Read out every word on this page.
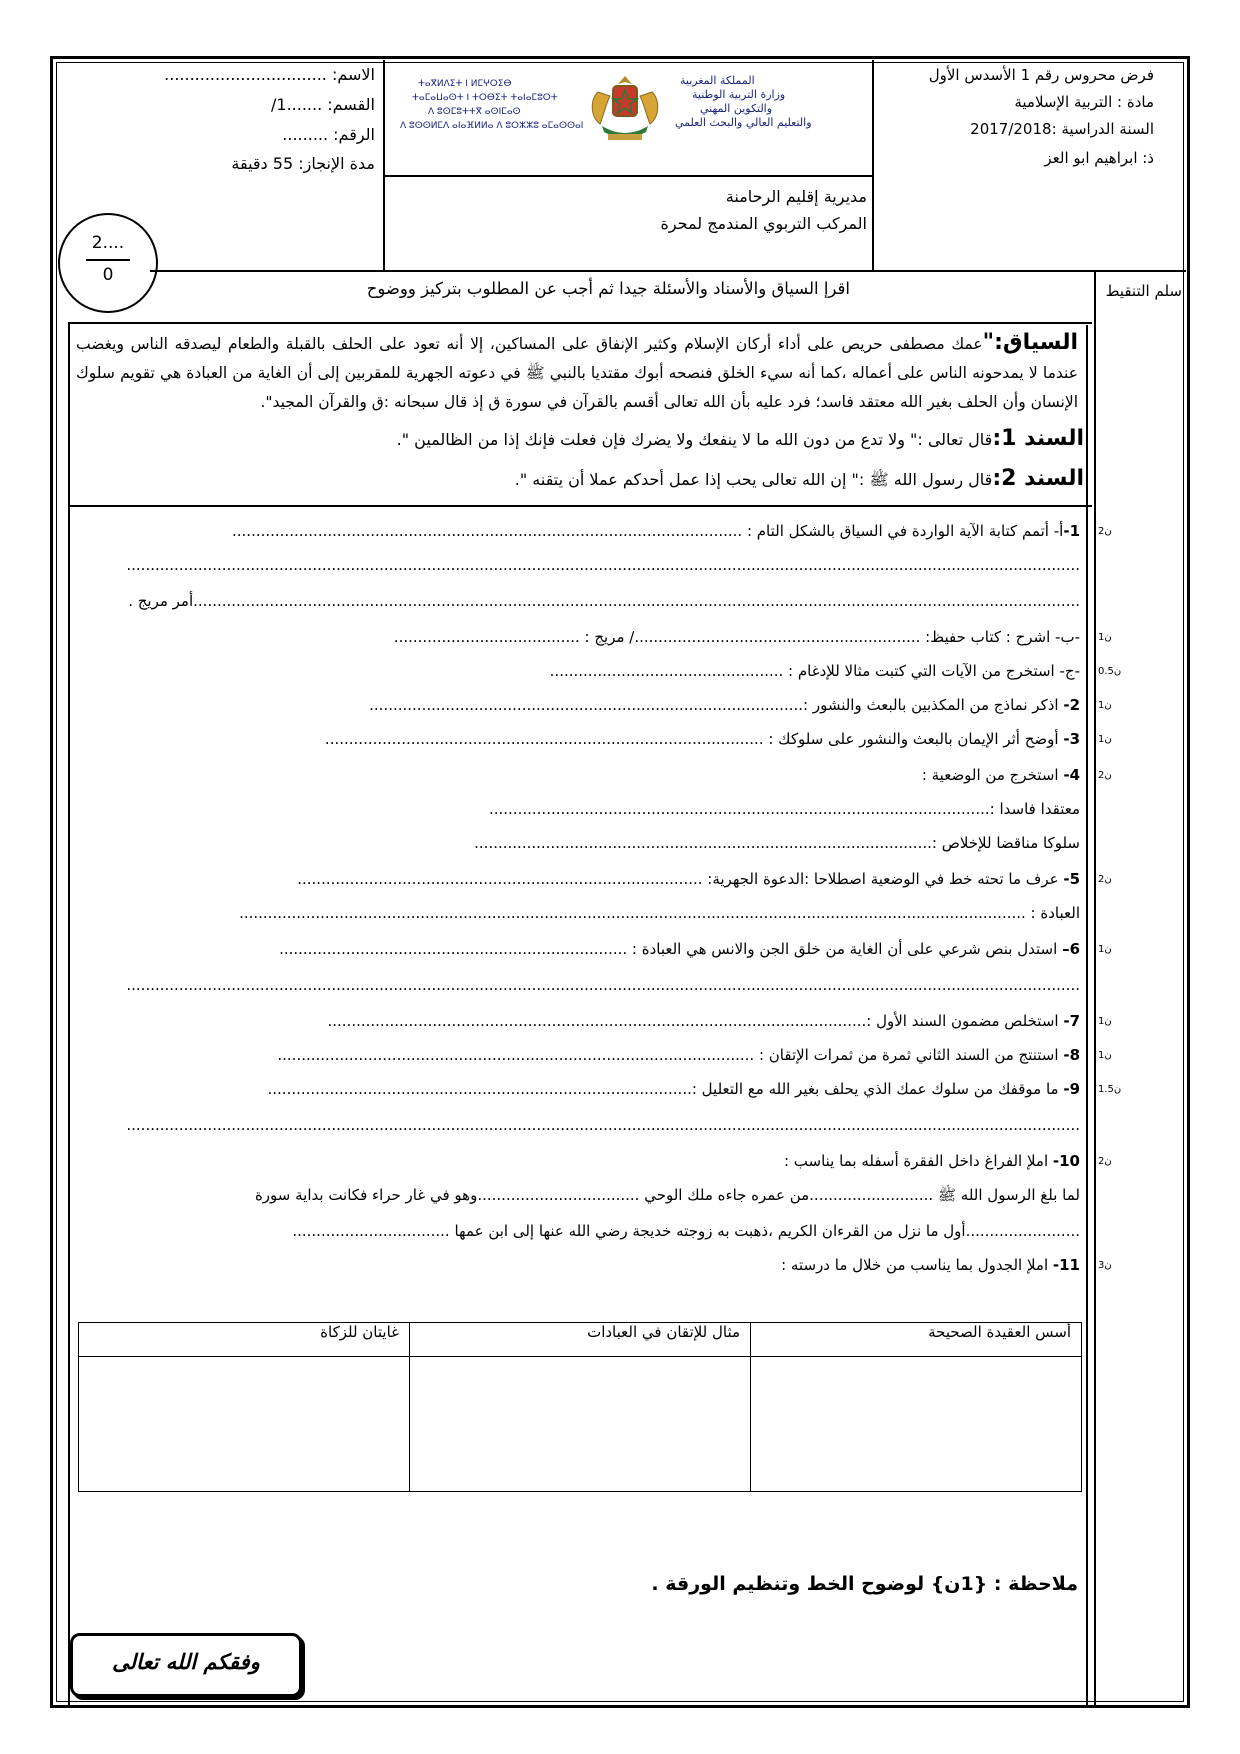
فرض محروس رقم 1 الأسدس الأول
مادة : التربية الإسلامية
السنة الدراسية :2017/2018
ذ: ابراهيم ابو العز
المملكة المغربية
وزارة التربية الوطنية
والتكوين المهني
والتعليم العالي والبحث العلمي
ⵜⴰⴳⵍⴷⵉⵜ ⵏ ⵍⵎⵖⵔⵉⴱ
ⵜⴰⵎⴰⵡⴰⵙⵜ ⵏ ⵜⵔⴱⵉⵜ ⵜⴰⵏⴰⵎⵓⵔⵜ
ⴷ ⵓⵙⵎⵓⵜⵜⴳ ⴰⵙⵏⵎⴰⵙ
ⴷ ⵓⵙⵙⵍⵎⴷ ⴰⵏⴰⴼⵍⵍⴰ ⴷ ⵓⵔⵣⵣⵓ ⴰⵎⴰⵙⵙⴰⵏ
مديرية إقليم الرحامنة
المركب التربوي المندمج لمحرة
الاسم: ................................
القسم: .......1/
الرقم: .........
مدة الإنجاز: 55 دقيقة
2....
0
سلم التنقيط
اقرإ السياق والأسناد والأسئلة جيدا ثم أجب عن المطلوب بتركيز ووضوح
السياق:"عمك مصطفى حريص على أداء أركان الإسلام وكثير الإنفاق على المساكين، إلا أنه تعود على الحلف بالقبلة والطعام ليصدقه الناس ويغضب عندما لا يمدحونه الناس على أعماله ،كما أنه سيء الخلق فنصحه أبوك مقتديا بالنبي ﷺ في دعوته الجهرية للمقربين إلى أن الغاية من العبادة هي تقويم سلوك الإنسان وأن الحلف بغير الله معتقد فاسد؛ فرد عليه بأن الله تعالى أقسم بالقرآن في سورة ق إذ قال سبحانه :ق والقرآن المجيد".
السند 1:قال تعالى :" ولا تدع من دون الله ما لا ينفعك ولا يضرك فإن فعلت فإنك إذا من الظالمين ".
السند 2:قال رسول الله ﷺ :" إن الله تعالى يحب إذا عمل أحدكم عملا أن يتقنه ".
1-أ- أتمم كتابة الآية الواردة في السياق بالشكل التام : ...........................................................................................................	2ن
........................................................................................................................................................................................................
..........................................................................................................................................................................................أمر مريج .
-ب- اشرح : كتاب حفيظ: ............................................................/ مريج : ....................................... 1ن
-ج- استخرج من الآيات التي كتبت مثالا للإدغام : ................................................. 0.5ن
2- اذكر نماذج من المكذبين بالبعث والنشور :...........................................................................................	1ن
3- أوضح أثر الإيمان بالبعث والنشور على سلوكك : ............................................................................................	1ن
4- استخرج من الوضعية :	2ن
معتقدا فاسدا :.........................................................................................................
سلوكا مناقضا للإخلاص :................................................................................................
5- عرف ما تحته خط في الوضعية اصطلاحا :الدعوة الجهرية: .....................................................................................	2ن
العبادة : .....................................................................................................................................................................
6– استدل بنص شرعي على أن الغاية من خلق الجن والانس هي العبادة : .........................................................................	1ن
........................................................................................................................................................................................................
7- استخلص مضمون السند الأول :.................................................................................................................	1ن
8- استنتج من السند الثاني ثمرة من ثمرات الإتقان : ....................................................................................................	1ن
9- ما موقفك من سلوك عمك الذي يحلف بغير الله مع التعليل :.........................................................................................	1.5ن
........................................................................................................................................................................................................
10- املإ الفراغ داخل الفقرة أسفله بما يناسب :	2ن
لما بلغ الرسول الله ﷺ ..........................من عمره جاءه ملك الوحي ..................................وهو في غار حراء فكانت بداية سورة
........................أول ما نزل من القرءان الكريم ،ذهبت به زوجته خديجة رضي الله عنها إلى ابن عمها .................................
11- املإ الجدول بما يناسب من خلال ما درسته :	3ن
أسس العقيدة الصحيحة	مثال للإتقان في العبادات	غايتان للزكاة

ملاحظة : {1ن} لوضوح الخط وتنظيم الورقة .
وفقكم الله تعالى
